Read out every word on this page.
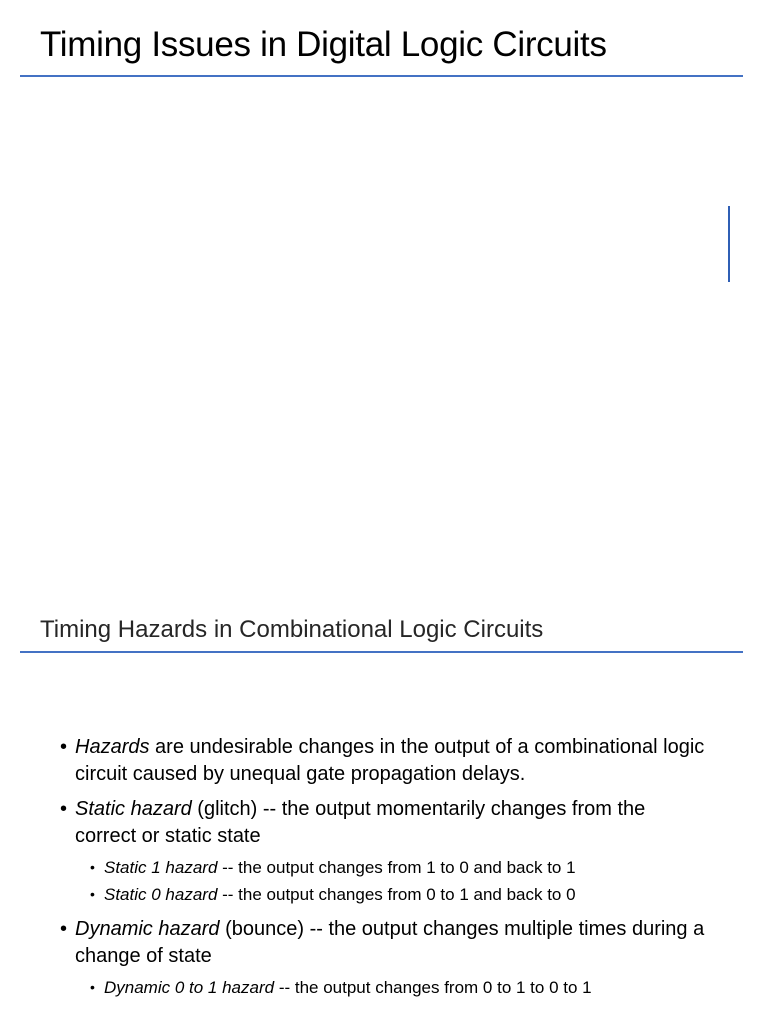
Timing Issues in Digital Logic Circuits
Timing Hazards in Combinational Logic Circuits
• Hazards are undesirable changes in the output of a combinational logic circuit caused by unequal gate propagation delays.
• Static hazard (glitch) -- the output momentarily changes from the correct or static state
• Static 1 hazard -- the output changes from 1 to 0 and back to 1
• Static 0 hazard -- the output changes from 0 to 1 and back to 0
• Dynamic hazard (bounce) -- the output changes multiple times during a change of state
• Dynamic 0 to 1 hazard -- the output changes from 0 to 1 to 0 to 1
